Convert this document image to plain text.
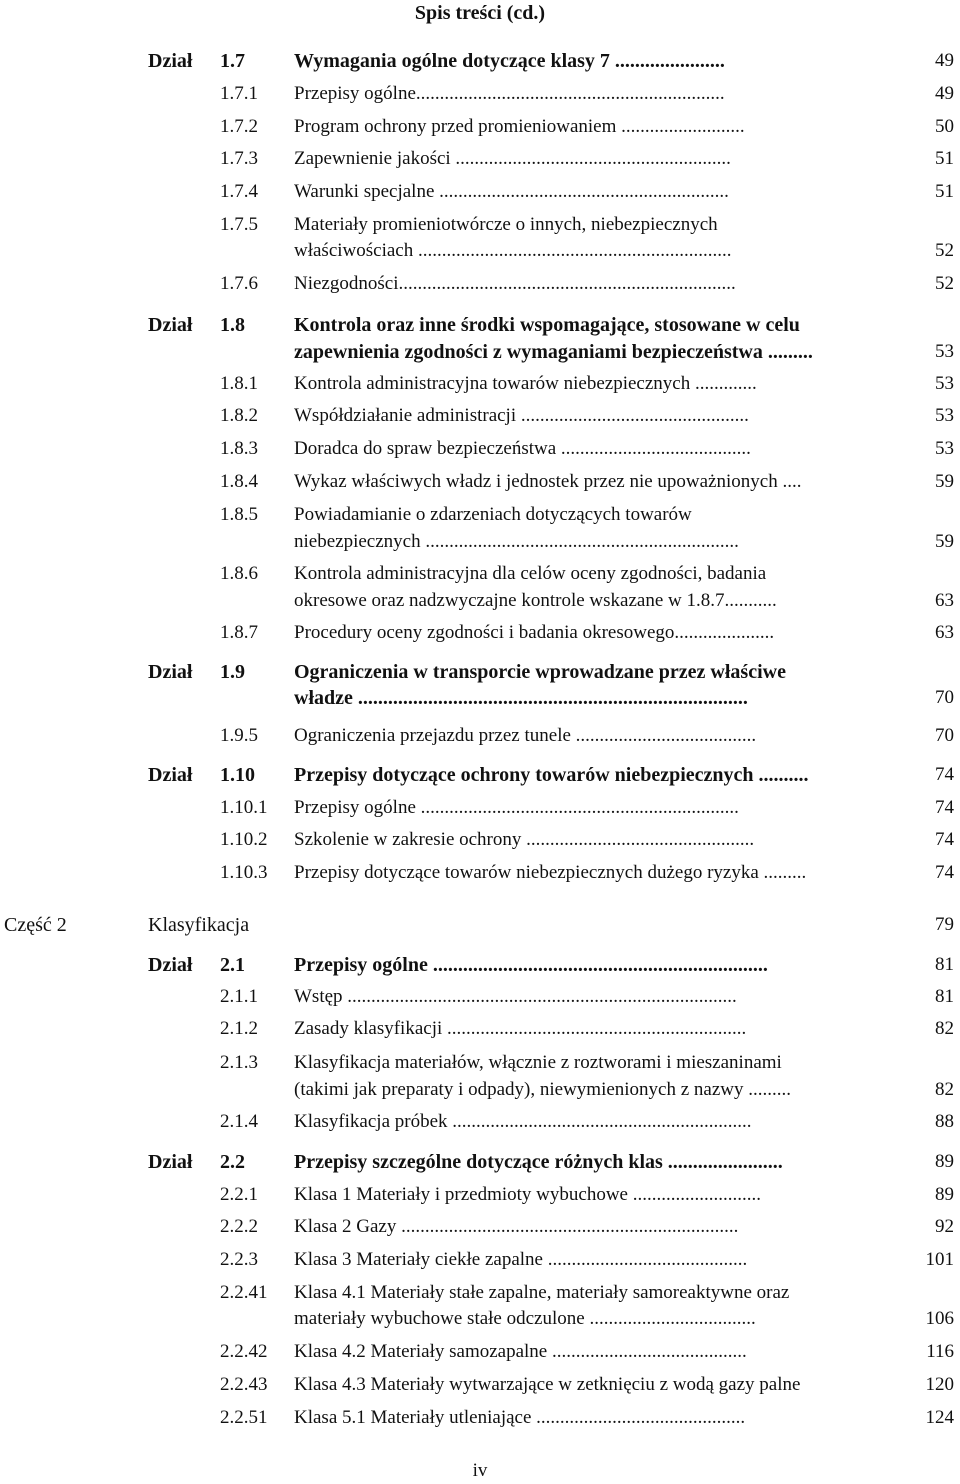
Spis treści (cd.)
Dział 1.7 Wymagania ogólne dotyczące klasy 7 ......................	49
1.7.1 Przepisy ogólne.................................................................	49
1.7.2 Program ochrony przed promieniowaniem ..........................	50
1.7.3 Zapewnienie jakości ..........................................................	51
1.7.4 Warunki specjalne .............................................................	51
1.7.5 Materiały promieniotwórcze o innych, niebezpiecznych
właściwościach ..................................................................	52
1.7.6 Niezgodności.......................................................................	52
Dział 1.8 Kontrola oraz inne środki wspomagające, stosowane w celu
zapewnienia zgodności z wymaganiami bezpieczeństwa .........	53
1.8.1 Kontrola administracyjna towarów niebezpiecznych .............	53
1.8.2 Współdziałanie administracji ................................................	53
1.8.3 Doradca do spraw bezpieczeństwa ........................................	53
1.8.4 Wykaz właściwych władz i jednostek przez nie upoważnionych ....	59
1.8.5 Powiadamianie o zdarzeniach dotyczących towarów
niebezpiecznych ..................................................................	59
1.8.6 Kontrola administracyjna dla celów oceny zgodności, badania
okresowe oraz nadzwyczajne kontrole wskazane w 1.8.7...........	63
1.8.7 Procedury oceny zgodności i badania okresowego.....................	63
Dział 1.9 Ograniczenia w transporcie wprowadzane przez właściwe
władze ..............................................................................	70
1.9.5 Ograniczenia przejazdu przez tunele ......................................	70
Dział 1.10 Przepisy dotyczące ochrony towarów niebezpiecznych ..........	74
1.10.1 Przepisy ogólne ...................................................................	74
1.10.2 Szkolenie w zakresie ochrony ................................................	74
1.10.3 Przepisy dotyczące towarów niebezpiecznych dużego ryzyka .........	74
Część 2	Klasyfikacja	79
Dział 2.1 Przepisy ogólne ...................................................................	81
2.1.1 Wstęp ..................................................................................	81
2.1.2 Zasady klasyfikacji ...............................................................	82
2.1.3 Klasyfikacja materiałów, włącznie z roztworami i mieszaninami
(takimi jak preparaty i odpady), niewymienionych z nazwy .........	82
2.1.4 Klasyfikacja próbek ...............................................................	88
Dział 2.2 Przepisy szczególne dotyczące różnych klas .......................	89
2.2.1 Klasa 1 Materiały i przedmioty wybuchowe ...........................	89
2.2.2 Klasa 2 Gazy .......................................................................	92
2.2.3 Klasa 3 Materiały ciekłe zapalne ..........................................	101
2.2.41 Klasa 4.1 Materiały stałe zapalne, materiały samoreaktywne oraz
materiały wybuchowe stałe odczulone ...................................	106
2.2.42 Klasa 4.2 Materiały samozapalne .........................................	116
2.2.43 Klasa 4.3 Materiały wytwarzające w zetknięciu z wodą gazy palne	120
2.2.51 Klasa 5.1 Materiały utleniające ............................................	124
iv
